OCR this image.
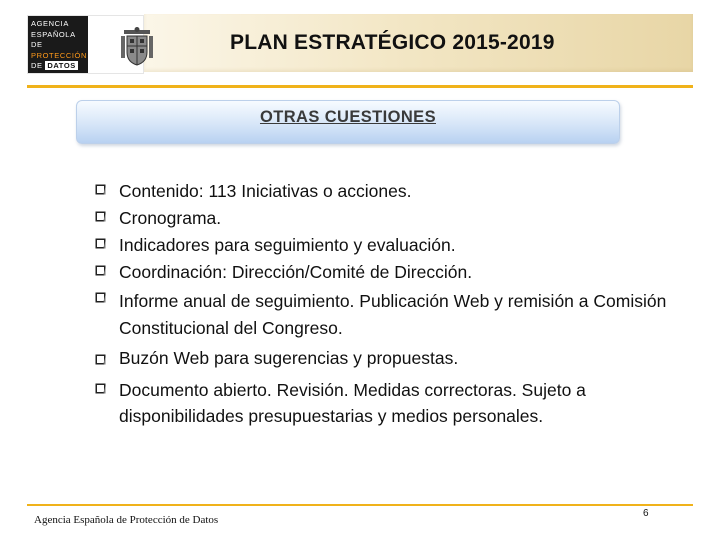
PLAN ESTRATÉGICO 2015-2019
AGENCIA
ESPAÑOLA DE
PROTECCIÓN

DE DATOS
OTRAS CUESTIONES
Contenido: 113 Iniciativas o acciones.
Cronograma.
Indicadores para seguimiento y evaluación.
Coordinación: Dirección/Comité de Dirección.
Informe anual de seguimiento. Publicación Web y remisión a Comisión Constitucional del Congreso.
Buzón Web para sugerencias y propuestas.
Documento abierto. Revisión. Medidas correctoras. Sujeto a disponibilidades presupuestarias y medios personales.
Agencia Española de Protección de Datos
6
